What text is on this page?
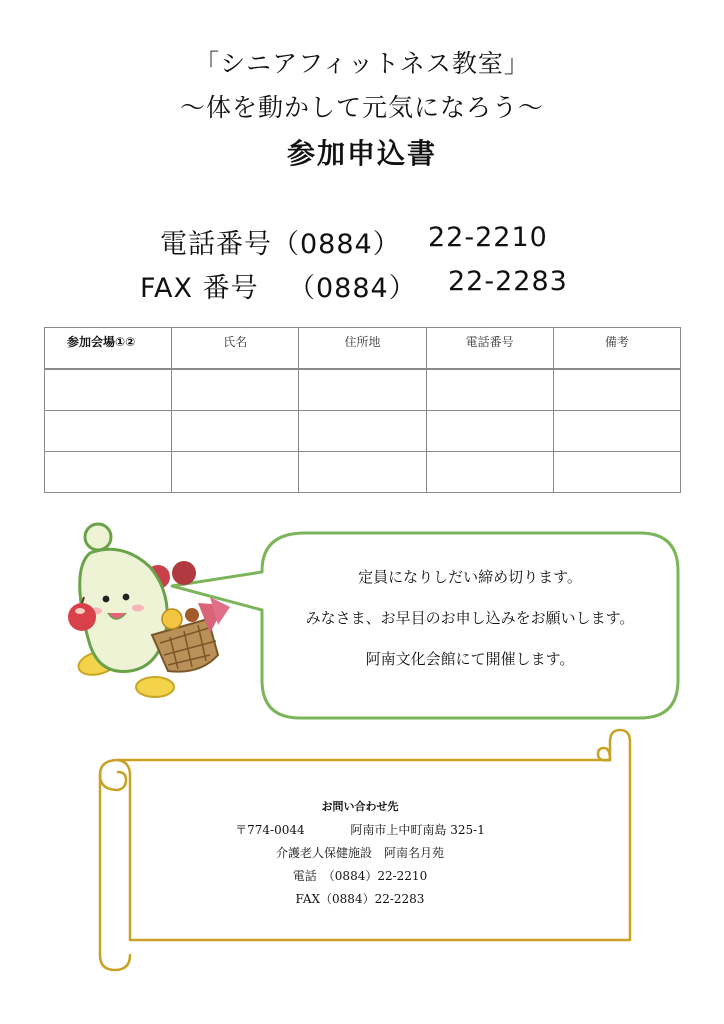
「シニアフィットネス教室」
～体を動かして元気になろう～
参加申込書
電話番号（0884） 22-2210
FAX 番号 （0884） 22-2283
参加会場①②	氏名	住所地	電話番号	備考

定員になりしだい締め切ります。
みなさま、お早目のお申し込みをお願いします。
阿南文化会館にて開催します。
お問い合わせ先
〒774-0044	阿南市上中町南島 325-1
介護老人保健施設　阿南名月苑
電話　（0884）22-2210
FAX（0884）22-2283
